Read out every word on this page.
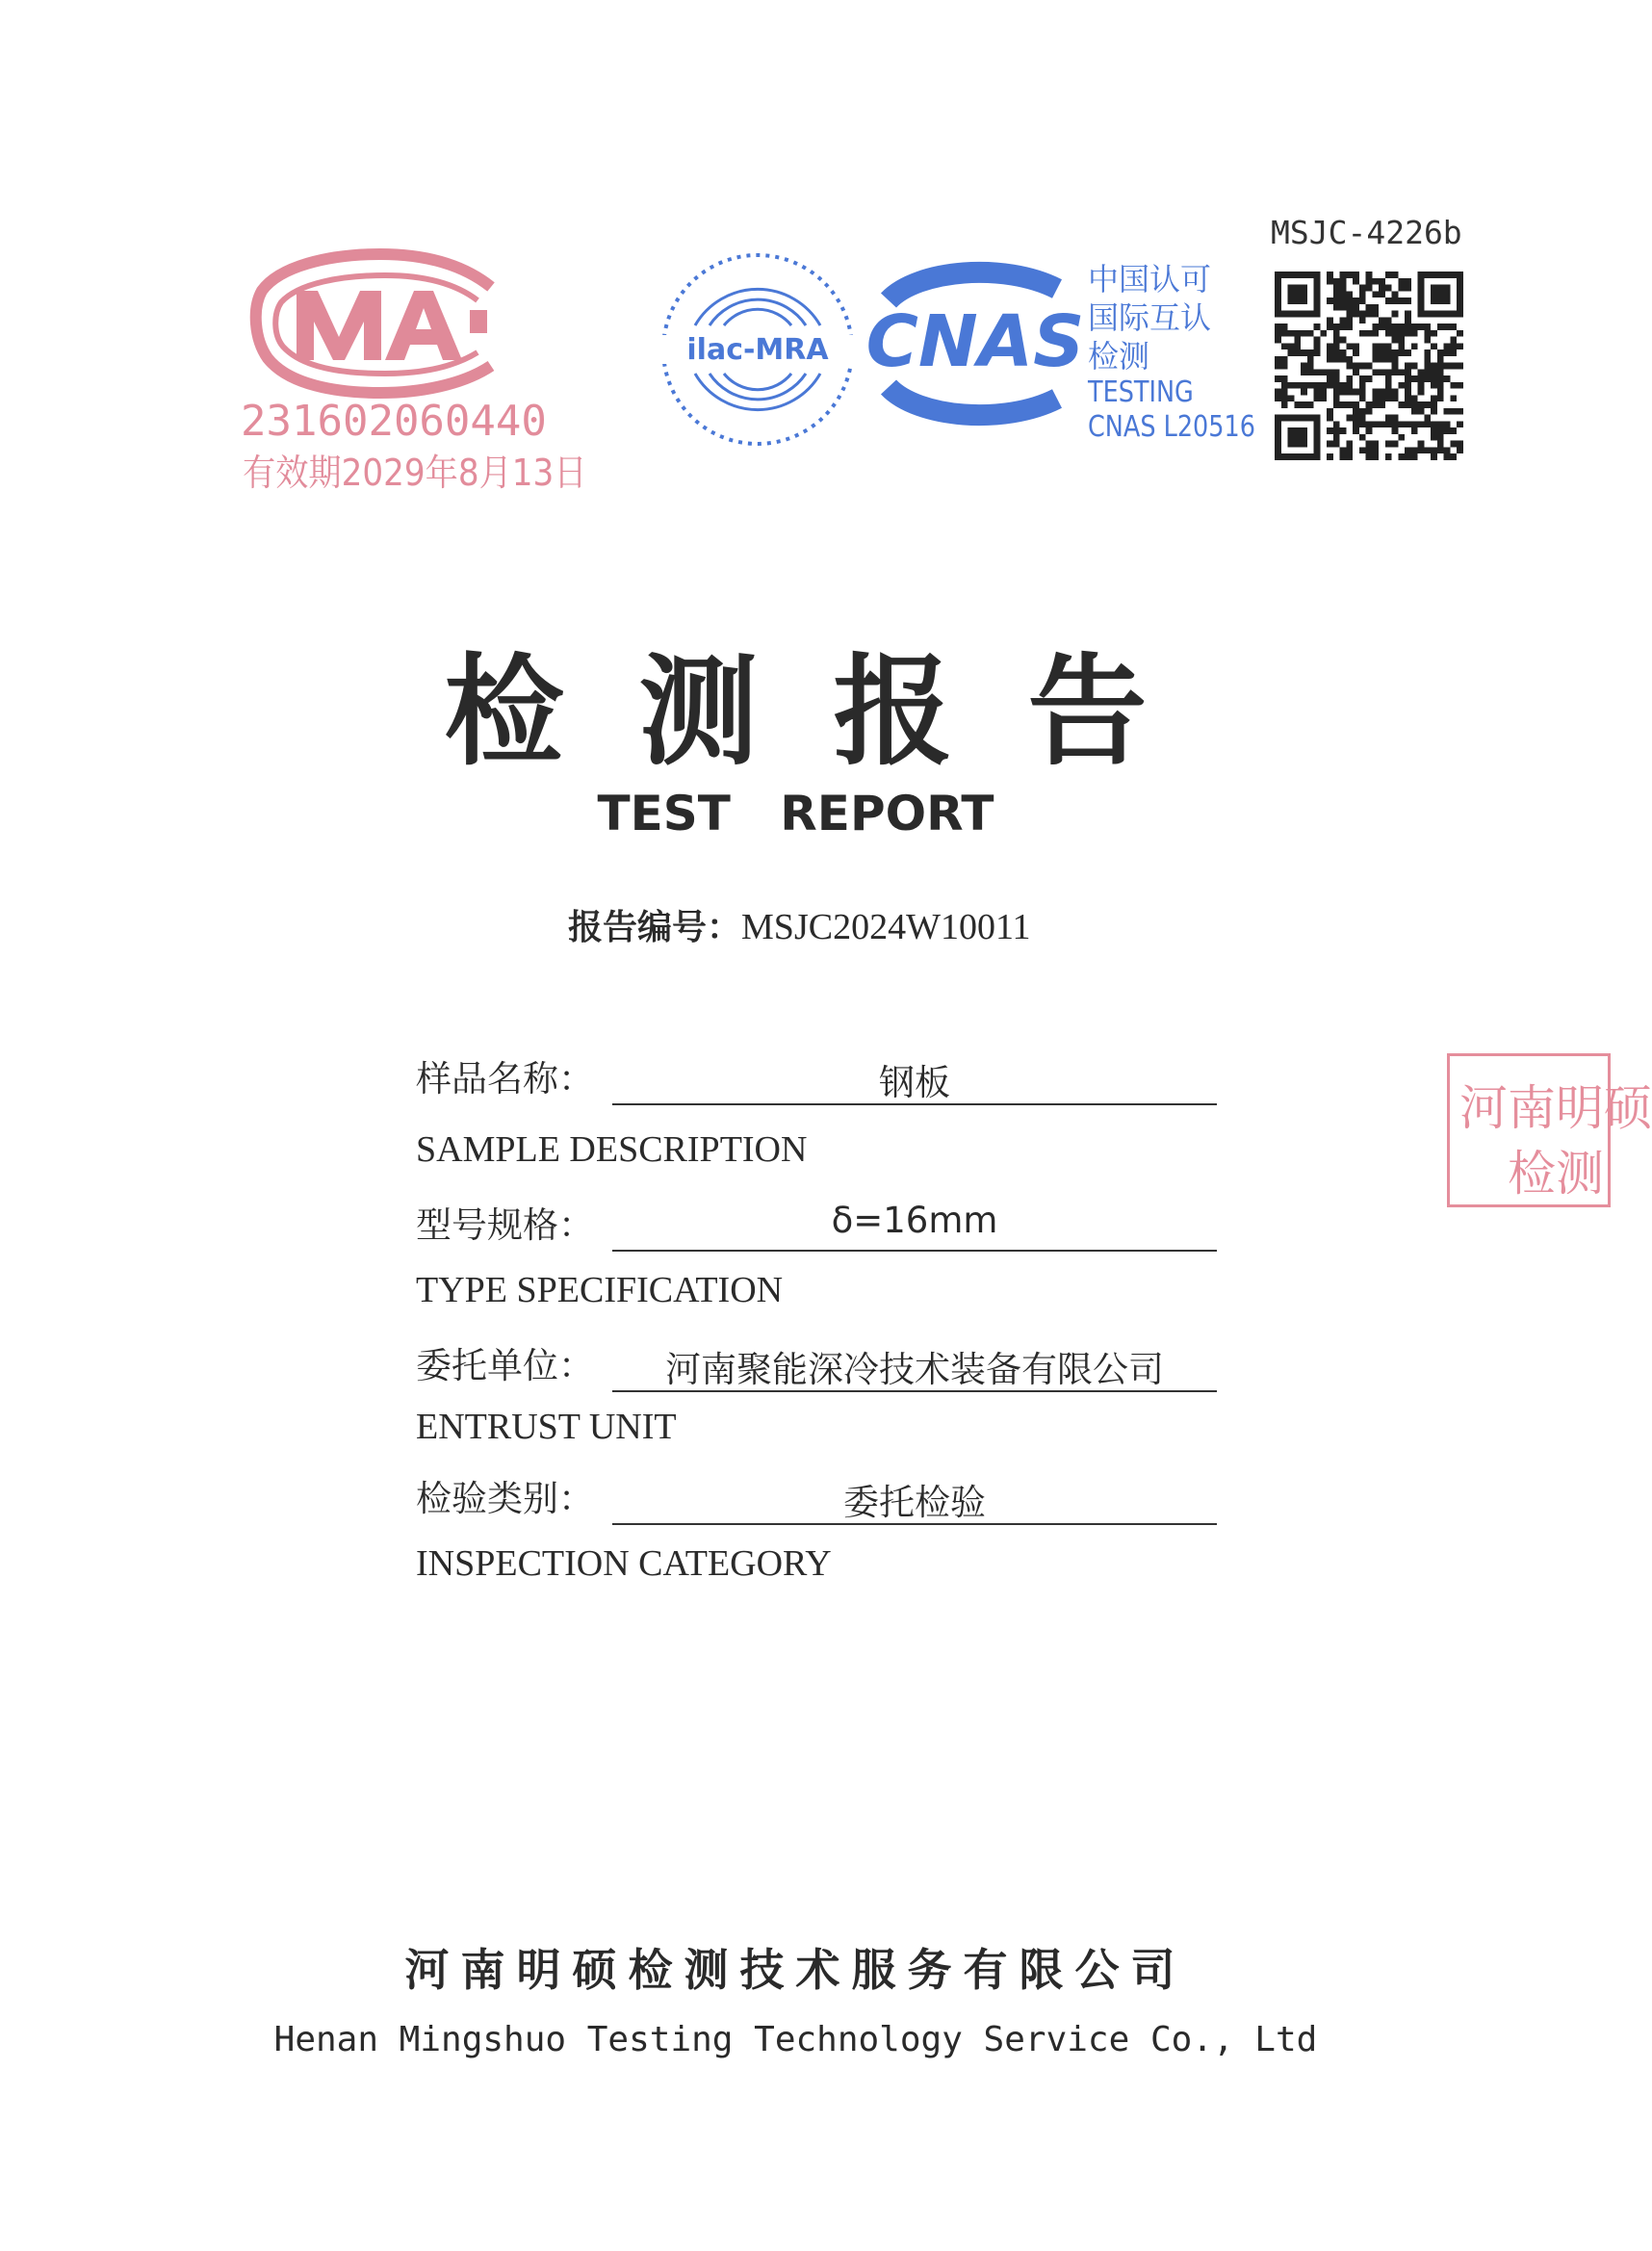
231602060440
有效期2029年8月13日
ilac-MRA CNAS
中国认可
国际互认
检测
TESTING
CNAS L20516
MSJC-4226b
检测报告
TEST REPORT
报告编号：MSJC2024W10011
样品名称：	钢板
SAMPLE DESCRIPTION
型号规格：	δ=16mm
TYPE SPECIFICATION
委托单位：	河南聚能深冷技术装备有限公司
ENTRUST UNIT
检验类别：	委托检验
INSPECTION CATEGORY
河南明硕
检测
河南明硕检测技术服务有限公司
Henan Mingshuo Testing Technology Service Co., Ltd
